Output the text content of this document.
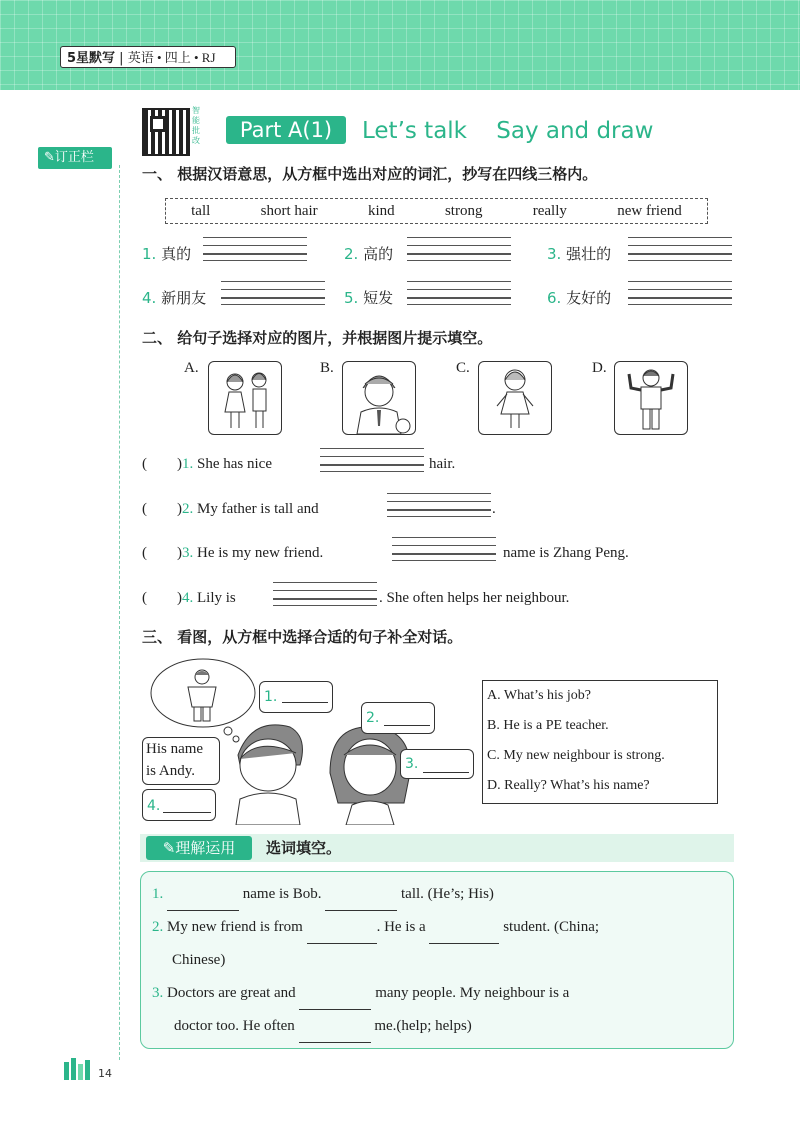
5星默写 | 英语 • 四上 • RJ
✎订正栏
智能批改	Part A(1)	Let’s talk    Say and draw
一、 根据汉语意思，从方框中选出对应的词汇，抄写在四线三格内。
tall	short hair	kind	strong	really	new friend
1. 真的	2. 高的	3. 强壮的
4. 新朋友	5. 短发	6. 友好的
二、 给句子选择对应的图片，并根据图片提示填空。
A.	B.	C.	D.
(        )1. She has nice	hair.
(        )2. My father is tall and	.
(        )3. He is my new friend.	name is Zhang Peng.
(        )4. Lily is	. She often helps her neighbour.
三、 看图，从方框中选择合适的句子补全对话。
1.
2.
His name
is Andy.	3.
4.
A. What’s his job?
B. He is a PE teacher.
C. My new neighbour is strong.
D. Really? What’s his name?
✎理解运用	选词填空。
1.	name is Bob.	tall. (He’s; His)
2. My new friend is from	. He is a	student. (China;
Chinese)
3. Doctors are great and	many people. My neighbour is a
doctor too. He often	me.(help; helps)
14
